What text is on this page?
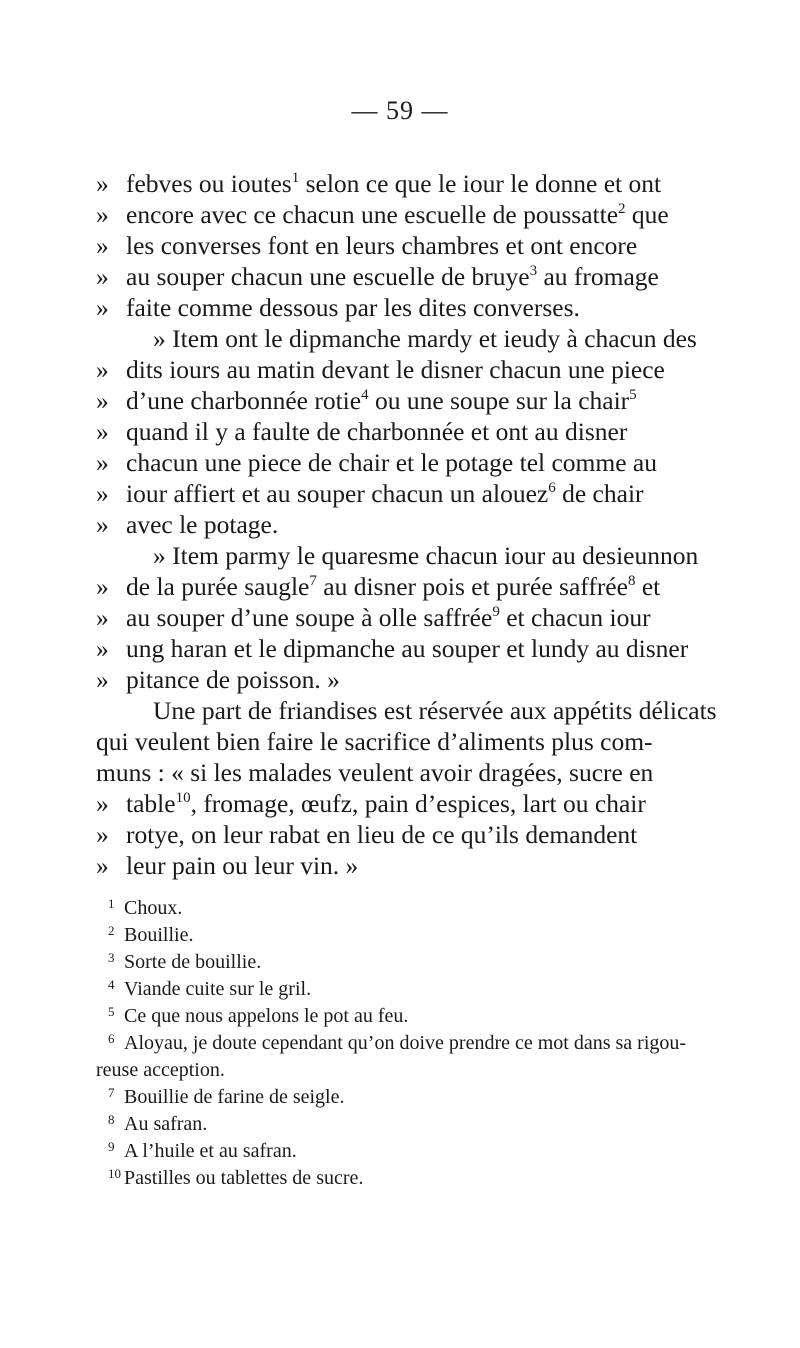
— 59 —
» febves ou ioutes$^1$ selon ce que le iour le donne et ont
» encore avec ce chacun une escuelle de poussatte$^2$ que
» les converses font en leurs chambres et ont encore
» au souper chacun une escuelle de bruye$^3$ au fromage
» faite comme dessous par les dites converses.
» Item ont le dipmanche mardy et ieudy à chacun des
» dits iours au matin devant le disner chacun une piece
» d’une charbonnée rotie$^4$ ou une soupe sur la chair$^5$
» quand il y a faulte de charbonnée et ont au disner
» chacun une piece de chair et le potage tel comme au
» iour affiert et au souper chacun un alouez$^6$ de chair
» avec le potage.
» Item parmy le quaresme chacun iour au desieunnon
» de la purée saugle$^7$ au disner pois et purée saffrée$^8$ et
» au souper d’une soupe à olle saffrée$^9$ et chacun iour
» ung haran et le dipmanche au souper et lundy au disner
» pitance de poisson. »
Une part de friandises est réservée aux appétits délicats
qui veulent bien faire le sacrifice d’aliments plus com-
muns : « si les malades veulent avoir dragées, sucre en
» table$^{10}$, fromage, œufz, pain d’espices, lart ou chair
» rotye, on leur rabat en lieu de ce qu’ils demandent
» leur pain ou leur vin. »
1 Choux.
2 Bouillie.
3 Sorte de bouillie.
4 Viande cuite sur le gril.
5 Ce que nous appelons le pot au feu.
6 Aloyau, je doute cependant qu’on doive prendre ce mot dans sa rigou-
reuse acception.
7 Bouillie de farine de seigle.
8 Au safran.
9 A l’huile et au safran.
10 Pastilles ou tablettes de sucre.
